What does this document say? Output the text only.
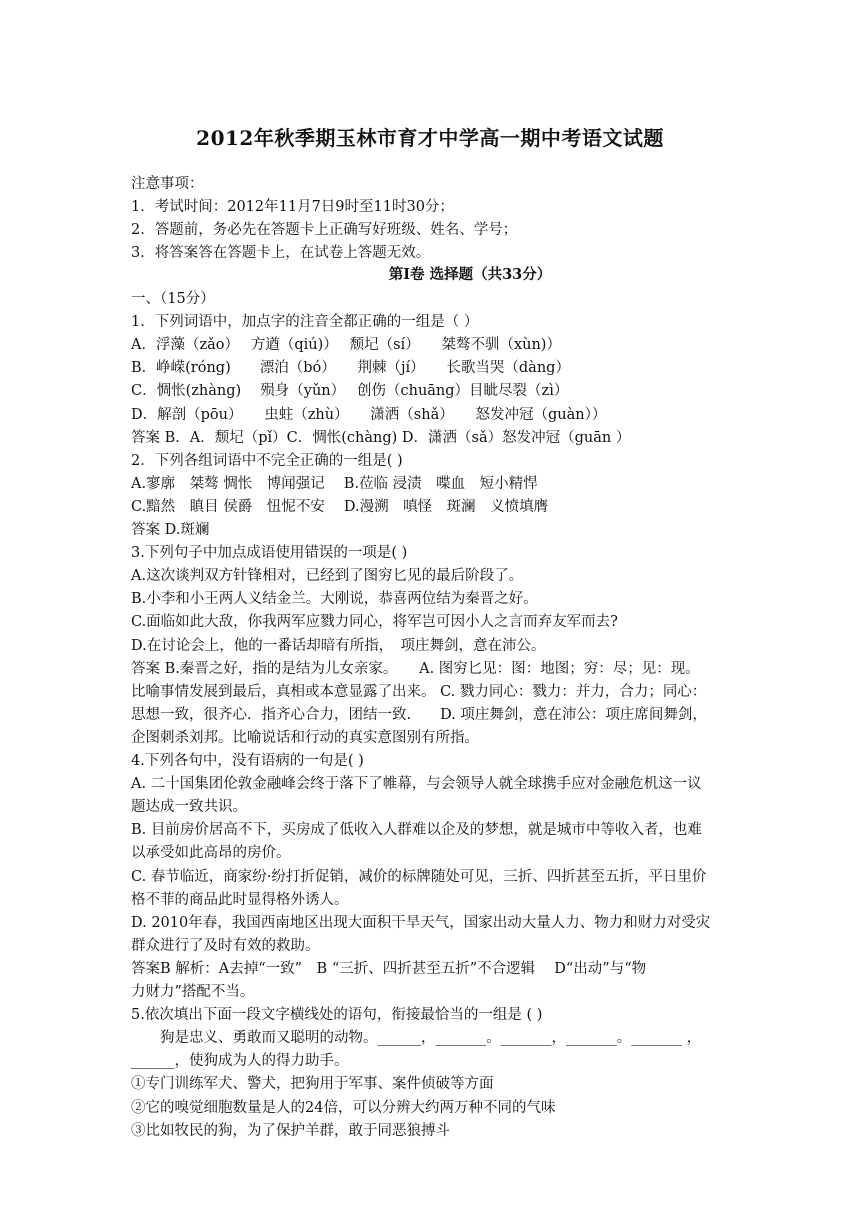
2012年秋季期玉林市育才中学高一期中考语文试题
注意事项：
1．考试时间：2012年11月7日9时至11时30分；
2．答题前，务必先在答题卡上正确写好班级、姓名、学号；
3．将答案答在答题卡上，在试卷上答题无效。
第Ⅰ卷 选择题（共33分）
一、（15分）
1．下列词语中，加点字的注音全都正确的一组是（ ）
A．浮藻（zǎo）　 方遒（qiú)）　 颓圮（sí）　　桀骜不驯（xùn)）
B．峥嵘(róng)　　漂泊（bó）　　荆棘（jí）　　长歌当哭（dàng）
C．惆怅(zhàng)　 殒身（yǔn）　 创伤（chuāng）目眦尽裂（zì）
D．解剖（pōu）　　虫蛀（zhù）　　潇洒（shǎ）　　怒发冲冠（guàn））
答案 B．A．颓圮（pǐ）C．惆怅(chàng) D．潇洒（sǎ）怒发冲冠（guān ）
2．下列各组词语中不完全正确的一组是( )
A.寥廓　桀骜 惆怅　博闻强记　 B.莅临 浸渍　喋血　短小精悍
C.黯然　瞋目 侯爵　忸怩不安　 D.漫溯　嗔怪　斑澜　义愤填膺
答案 D.斑斓
3.下列句子中加点成语使用错误的一项是( )
A.这次谈判双方针锋相对，已经到了图穷匕见的最后阶段了。
B.小李和小王两人义结金兰。大刚说，恭喜两位结为秦晋之好。
C.面临如此大敌，你我两军应戮力同心，将军岂可因小人之言而弃友军而去?
D.在讨论会上，他的一番话却暗有所指，　项庄舞剑，意在沛公。
答案 B.秦晋之好，指的是结为儿女亲家。　　A. 图穷匕见：图：地图；穷：尽；见：现。
比喻事情发展到最后，真相或本意显露了出来。 C. 戮力同心：戮力：并力，合力；同心：
思想一致，很齐心．指齐心合力，团结一致.　　D. 项庄舞剑，意在沛公：项庄席间舞剑，
企图刺杀刘邦。比喻说话和行动的真实意图别有所指。
4.下列各句中，没有语病的一句是( )
A. 二十国集团伦敦金融峰会终于落下了帷幕，与会领导人就全球携手应对金融危机这一议
题达成一致共识。
B. 目前房价居高不下，买房成了低收入人群难以企及的梦想，就是城市中等收入者，也难
以承受如此高昂的房价。
C. 春节临近，商家纷·纷打折促销，减价的标牌随处可见，三折、四折甚至五折，平日里价
格不菲的商品此时显得格外诱人。
D. 2010年春，我国西南地区出现大面积干旱天气，国家出动大量人力、物力和财力对受灾
群众进行了及时有效的救助。
答案B 解析：A去掉“一致”　B “三折、四折甚至五折”不合逻辑　 D“出动”与“物
力财力”搭配不当。
5.依次填出下面一段文字横线处的语句，衔接最恰当的一组是 ( )
　　狗是忠义、勇敢而又聪明的动物。______，_______。_______，_______。_______ ，
______，使狗成为人的得力助手。
①专门训练军犬、警犬，把狗用于军事、案件侦破等方面
②它的嗅觉细胞数量是人的24倍，可以分辨大约两万种不同的气味
③比如牧民的狗，为了保护羊群，敢于同恶狼搏斗
